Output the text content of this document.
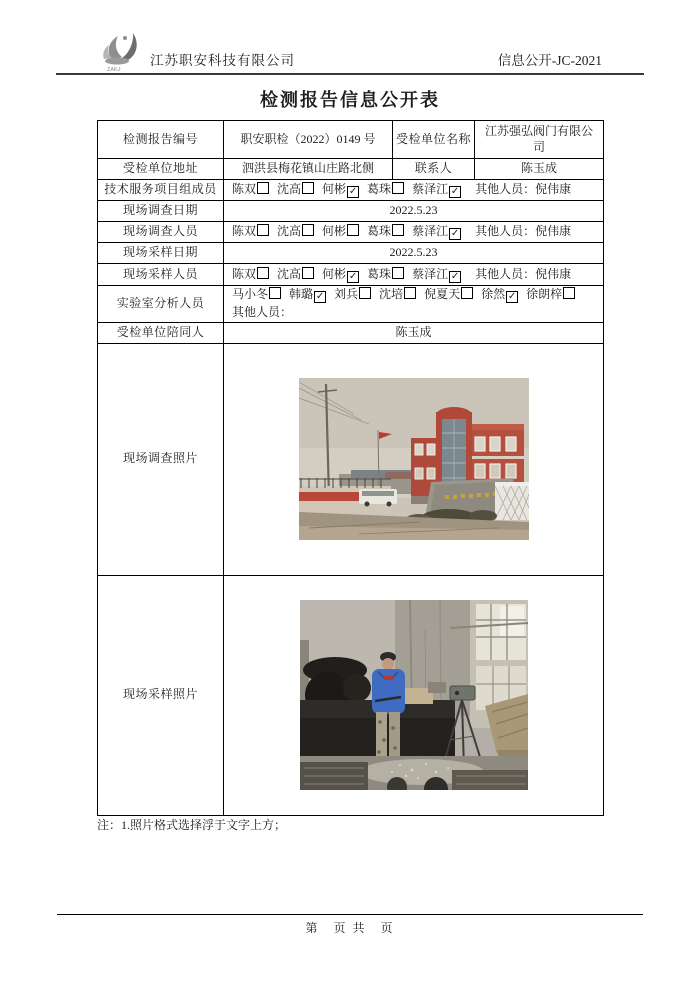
ZAKJ
江苏职安科技有限公司	信息公开-JC-2021
检测报告信息公开表
检测报告编号	职安职检（2022）0149 号	受检单位名称	江苏强弘阀门有限公司
受检单位地址	泗洪县梅花镇山庄路北侧	联系人	陈玉成
技术服务项目组成员	陈双 沈高 何彬 ✓ 葛珠 蔡泽江 ✓ 其他人员：倪伟康		
现场调查日期	2022.5.23		
现场调查人员	陈双 沈高 何彬 葛珠 蔡泽江 ✓ 其他人员：倪伟康		
现场采样日期	2022.5.23		
现场采样人员	陈双 沈高 何彬 ✓ 葛珠 蔡泽江 ✓ 其他人员：倪伟康		
实验室分析人员	马小冬 韩璐 ✓ 刘兵 沈培 倪夏天 徐然 ✓ 徐朗梓
其他人员：		

受检单位陪同人	陈玉成		
现场调查照片	

现场采样照片	
注：1.照片格式选择浮于文字上方；
第　页 共　页
